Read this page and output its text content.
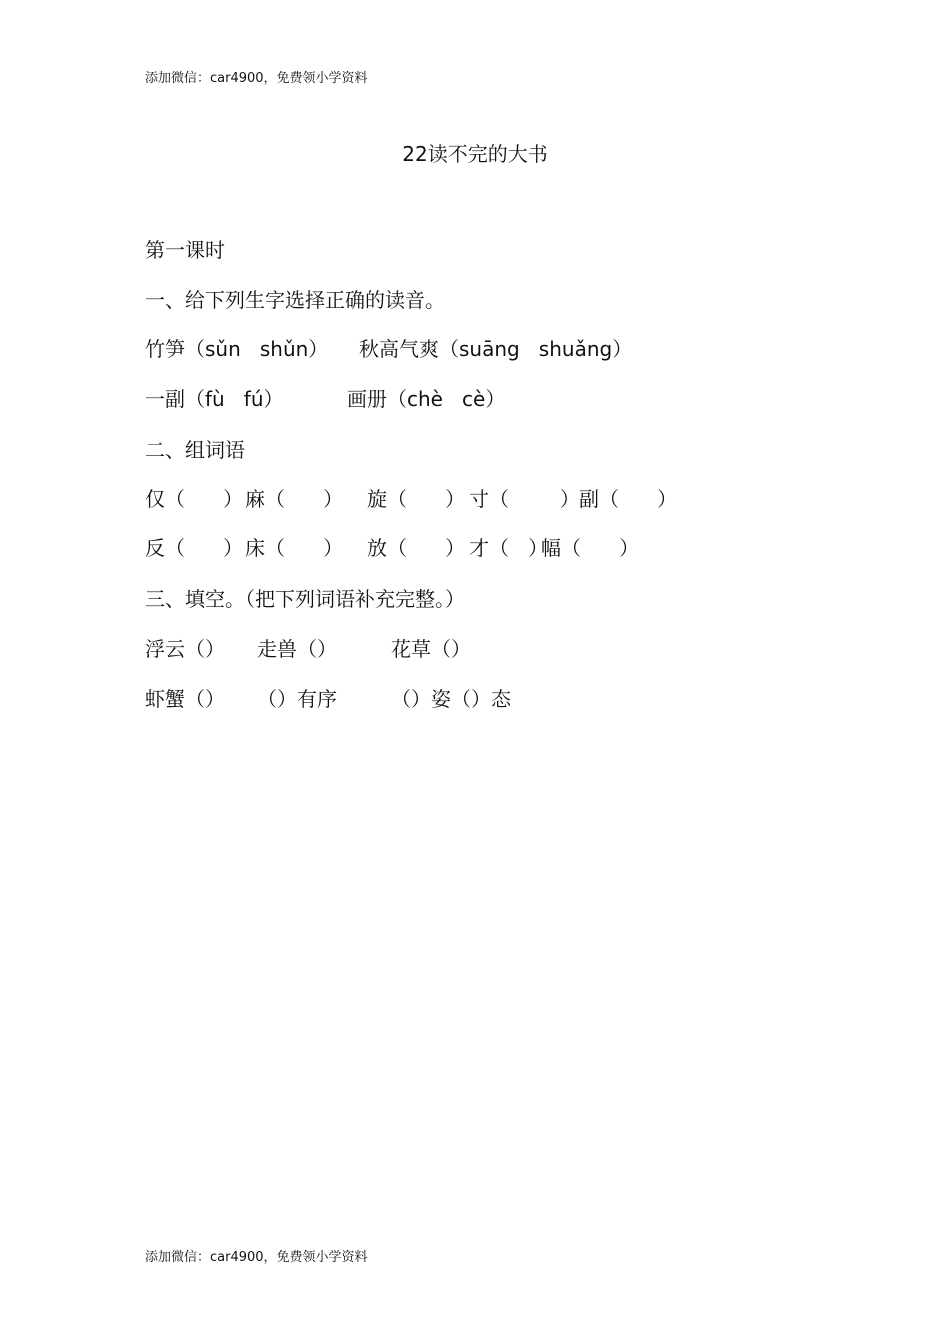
添加微信：car4900，免费领小学资料
22读不完的大书
第一课时
一、给下列生字选择正确的读音。
竹笋（sǔn   shǔn） 秋高气爽（suāng   shuǎng）
一副（fù   fú）	画册（chè   cè）
二、组词语
仅（      ） 麻（      ） 旋（      ） 寸（        ） 副（      ）
反（      ） 床（      ） 放（      ） 才（   ）
幅（      ）
三、填空。（把下列词语补充完整。）
浮云（） 走兽（）	花草（）
虾蟹（） （）有序	（）姿（）态
添加微信：car4900，免费领小学资料
